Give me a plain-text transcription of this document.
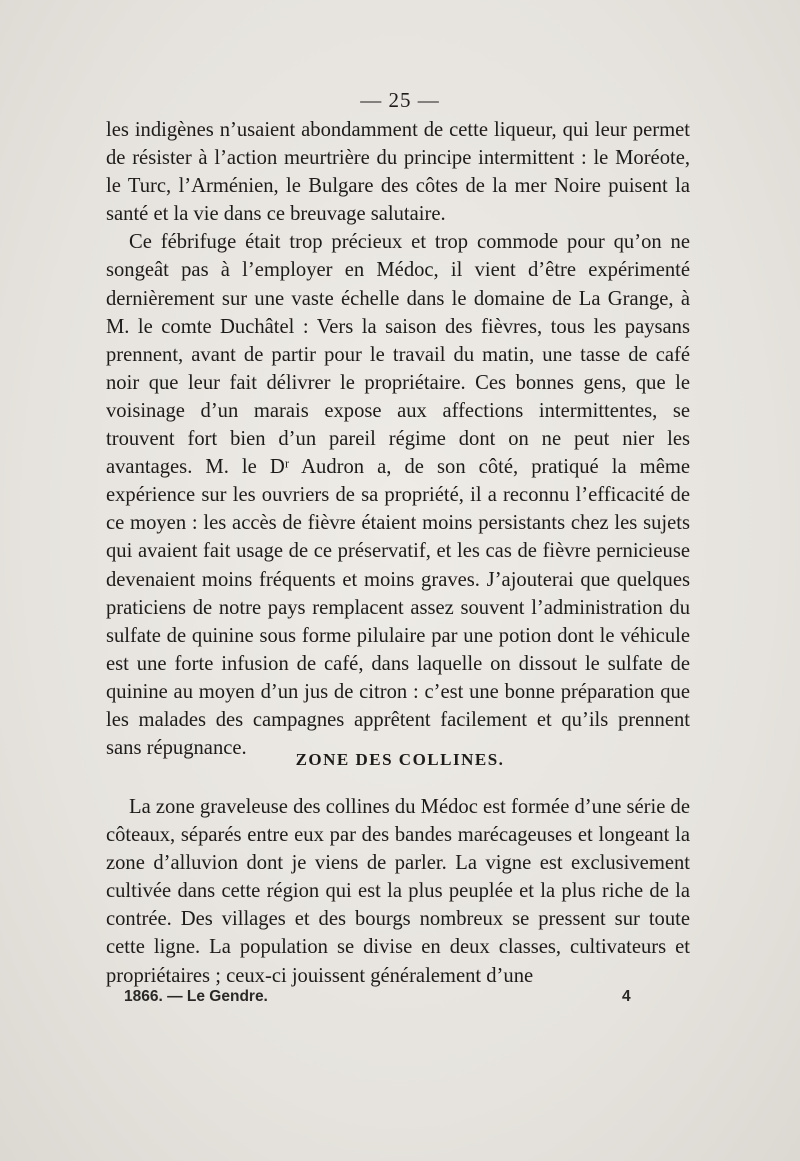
— 25 —

les indigènes n’usaient abondamment de cette liqueur, qui leur permet de résister à l’action meurtrière du principe intermittent : le Moréote, le Turc, l’Arménien, le Bulgare des côtes de la mer Noire puisent la santé et la vie dans ce breuvage salutaire.

Ce fébrifuge était trop précieux et trop commode pour qu’on ne songeât pas à l’employer en Médoc, il vient d’être expérimenté dernièrement sur une vaste échelle dans le domaine de La Grange, à M. le comte Duchâtel : Vers la saison des fièvres, tous les paysans prennent, avant de partir pour le travail du matin, une tasse de café noir que leur fait délivrer le propriétaire. Ces bonnes gens, que le voisinage d’un marais expose aux affections intermittentes, se trouvent fort bien d’un pareil régime dont on ne peut nier les avantages. M. le Dʳ Audron a, de son côté, pratiqué la même expérience sur les ouvriers de sa propriété, il a reconnu l’efficacité de ce moyen : les accès de fièvre étaient moins persistants chez les sujets qui avaient fait usage de ce préservatif, et les cas de fièvre pernicieuse devenaient moins fréquents et moins graves. J’ajouterai que quelques praticiens de notre pays remplacent assez souvent l’administration du sulfate de quinine sous forme pilulaire par une potion dont le véhicule est une forte infusion de café, dans laquelle on dissout le sulfate de quinine au moyen d’un jus de citron : c’est une bonne préparation que les malades des campagnes apprêtent facilement et qu’ils prennent sans répugnance.

ZONE DES COLLINES.

La zone graveleuse des collines du Médoc est formée d’une série de côteaux, séparés entre eux par des bandes marécageuses et longeant la zone d’alluvion dont je viens de parler. La vigne est exclusivement cultivée dans cette région qui est la plus peuplée et la plus riche de la contrée. Des villages et des bourgs nombreux se pressent sur toute cette ligne. La population se divise en deux classes, cultivateurs et propriétaires ; ceux-ci jouissent généralement d’une

1866. — Le Gendre.	4
